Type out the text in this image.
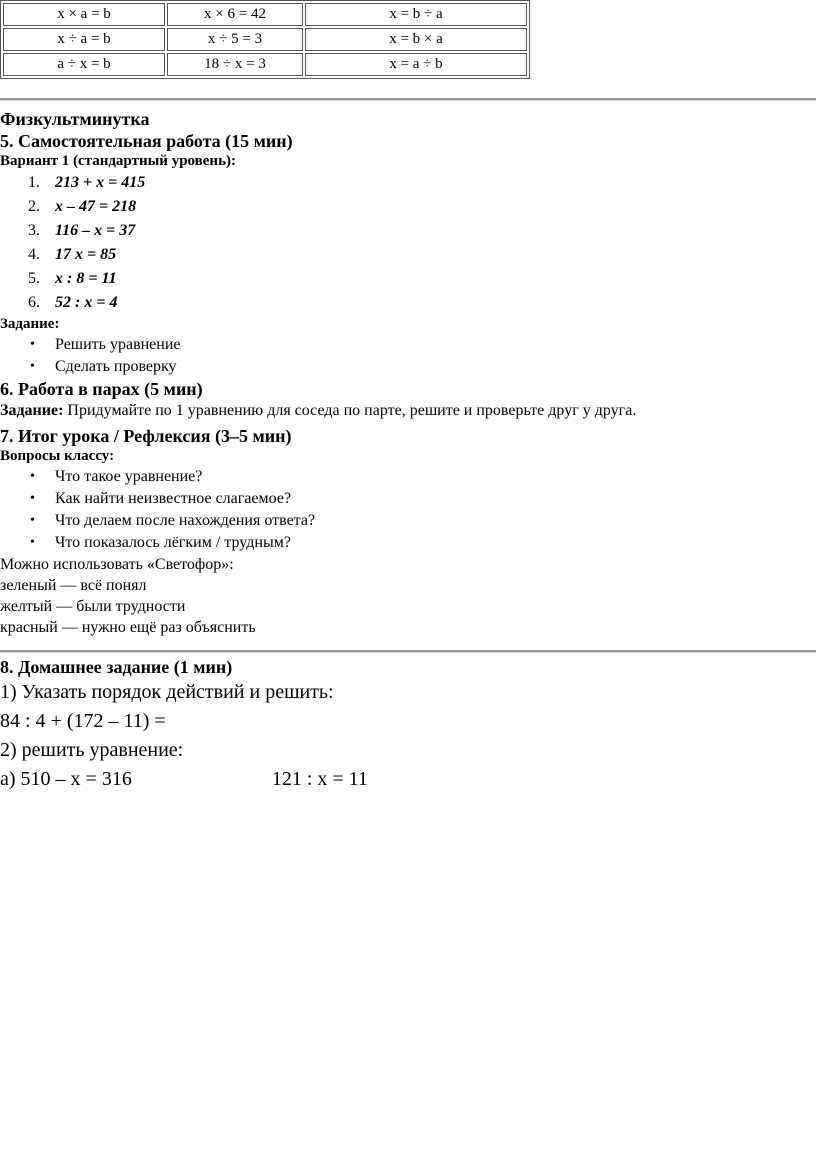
x × a = b	x × 6 = 42	x = b ÷ a
x ÷ a = b	x ÷ 5 = 3	x = b × a
a ÷ x = b	18 ÷ x = 3	x = a ÷ b

Физкультминутка

5. Самостоятельная работа (15 мин)

Вариант 1 (стандартный уровень):

1. 213 + x = 415
2. x – 47 = 218
3. 116 – x = 37
4. 17 x = 85
5. x : 8 = 11
6. 52 : x = 4

Задание:

• Решить уравнение
• Сделать проверку

6. Работа в парах (5 мин)

Задание: Придумайте по 1 уравнению для соседа по парте, решите и проверьте друг у друга.

7. Итог урока / Рефлексия (3–5 мин)

Вопросы классу:

• Что такое уравнение?
• Как найти неизвестное слагаемое?
• Что делаем после нахождения ответа?
• Что показалось лёгким / трудным?

Можно использовать «Светофор»:

зеленый — всё понял

желтый — были трудности

красный — нужно ещё раз объяснить

8. Домашнее задание (1 мин)

1) Указать порядок действий и решить:

84 : 4 + (172 – 11) =

2) решить уравнение:

а) 510 – x = 316	121 : x = 11
